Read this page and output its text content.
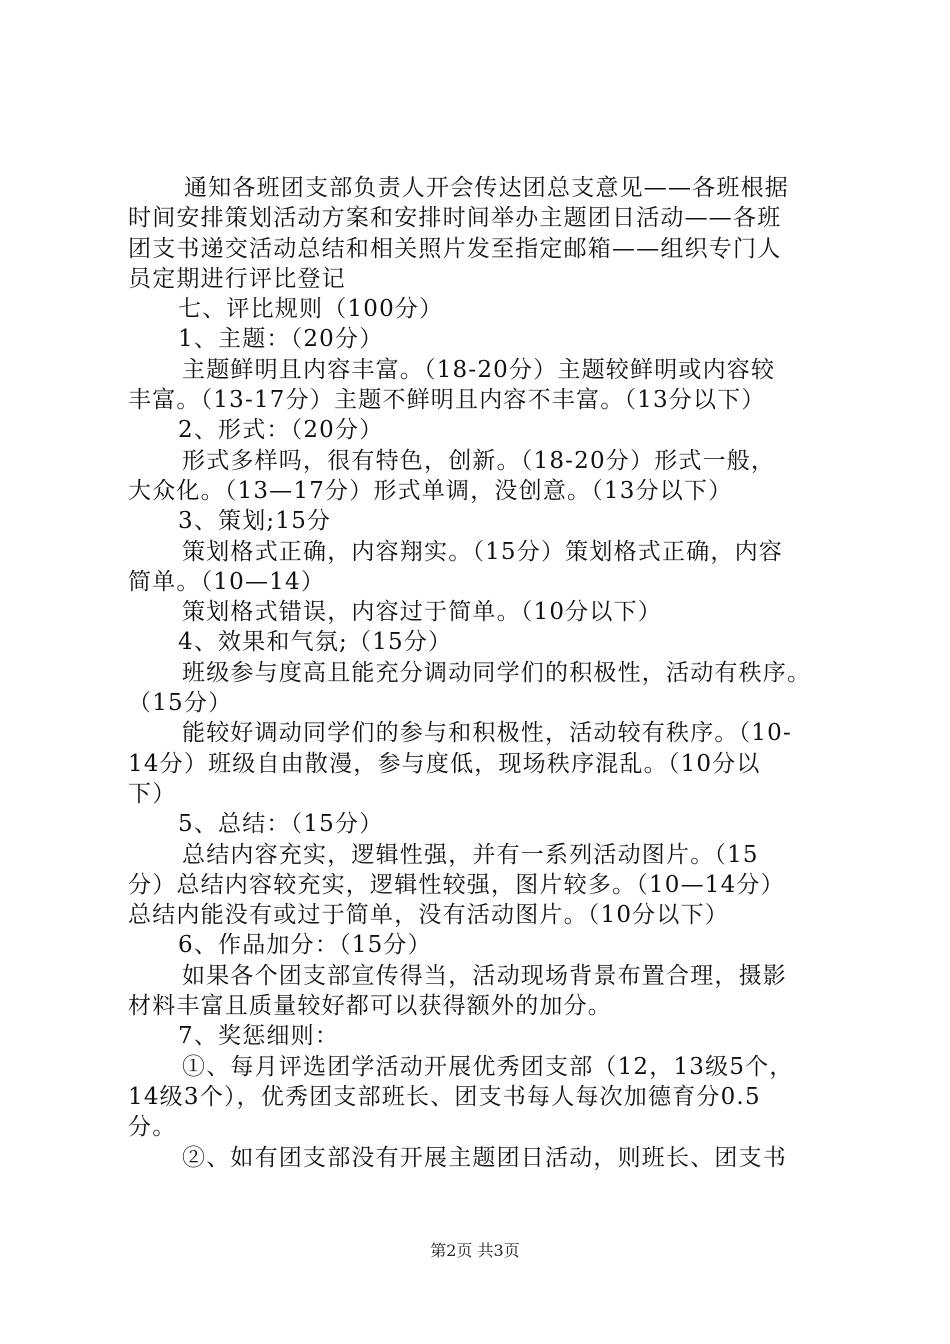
通知各班团支部负责人开会传达团总支意见——各班根据
时间安排策划活动方案和安排时间举办主题团日活动——各班
团支书递交活动总结和相关照片发至指定邮箱——组织专门人
员定期进行评比登记
七、评比规则（100分）
1、主题：（20分）
主题鲜明且内容丰富。（18-20分）主题较鲜明或内容较
丰富。（13-17分）主题不鲜明且内容不丰富。（13分以下）
2、形式：（20分）
形式多样吗，很有特色，创新。（18-20分）形式一般，
大众化。（13—17分）形式单调，没创意。（13分以下）
3、策划;15分
策划格式正确，内容翔实。（15分）策划格式正确，内容
简单。（10—14）
策划格式错误，内容过于简单。（10分以下）
4、效果和气氛;（15分）
班级参与度高且能充分调动同学们的积极性，活动有秩序。
（15分）
能较好调动同学们的参与和积极性，活动较有秩序。（10-
14分）班级自由散漫，参与度低，现场秩序混乱。（10分以
下）
5、总结：（15分）
总结内容充实，逻辑性强，并有一系列活动图片。（15
分）总结内容较充实，逻辑性较强，图片较多。（10—14分）
总结内能没有或过于简单，没有活动图片。（10分以下）
6、作品加分：（15分）
如果各个团支部宣传得当，活动现场背景布置合理，摄影
材料丰富且质量较好都可以获得额外的加分。
7、奖惩细则：
①、每月评选团学活动开展优秀团支部（12，13级5个，
14级3个），优秀团支部班长、团支书每人每次加德育分0.5
分。
②、如有团支部没有开展主题团日活动，则班长、团支书
第2页 共3页
